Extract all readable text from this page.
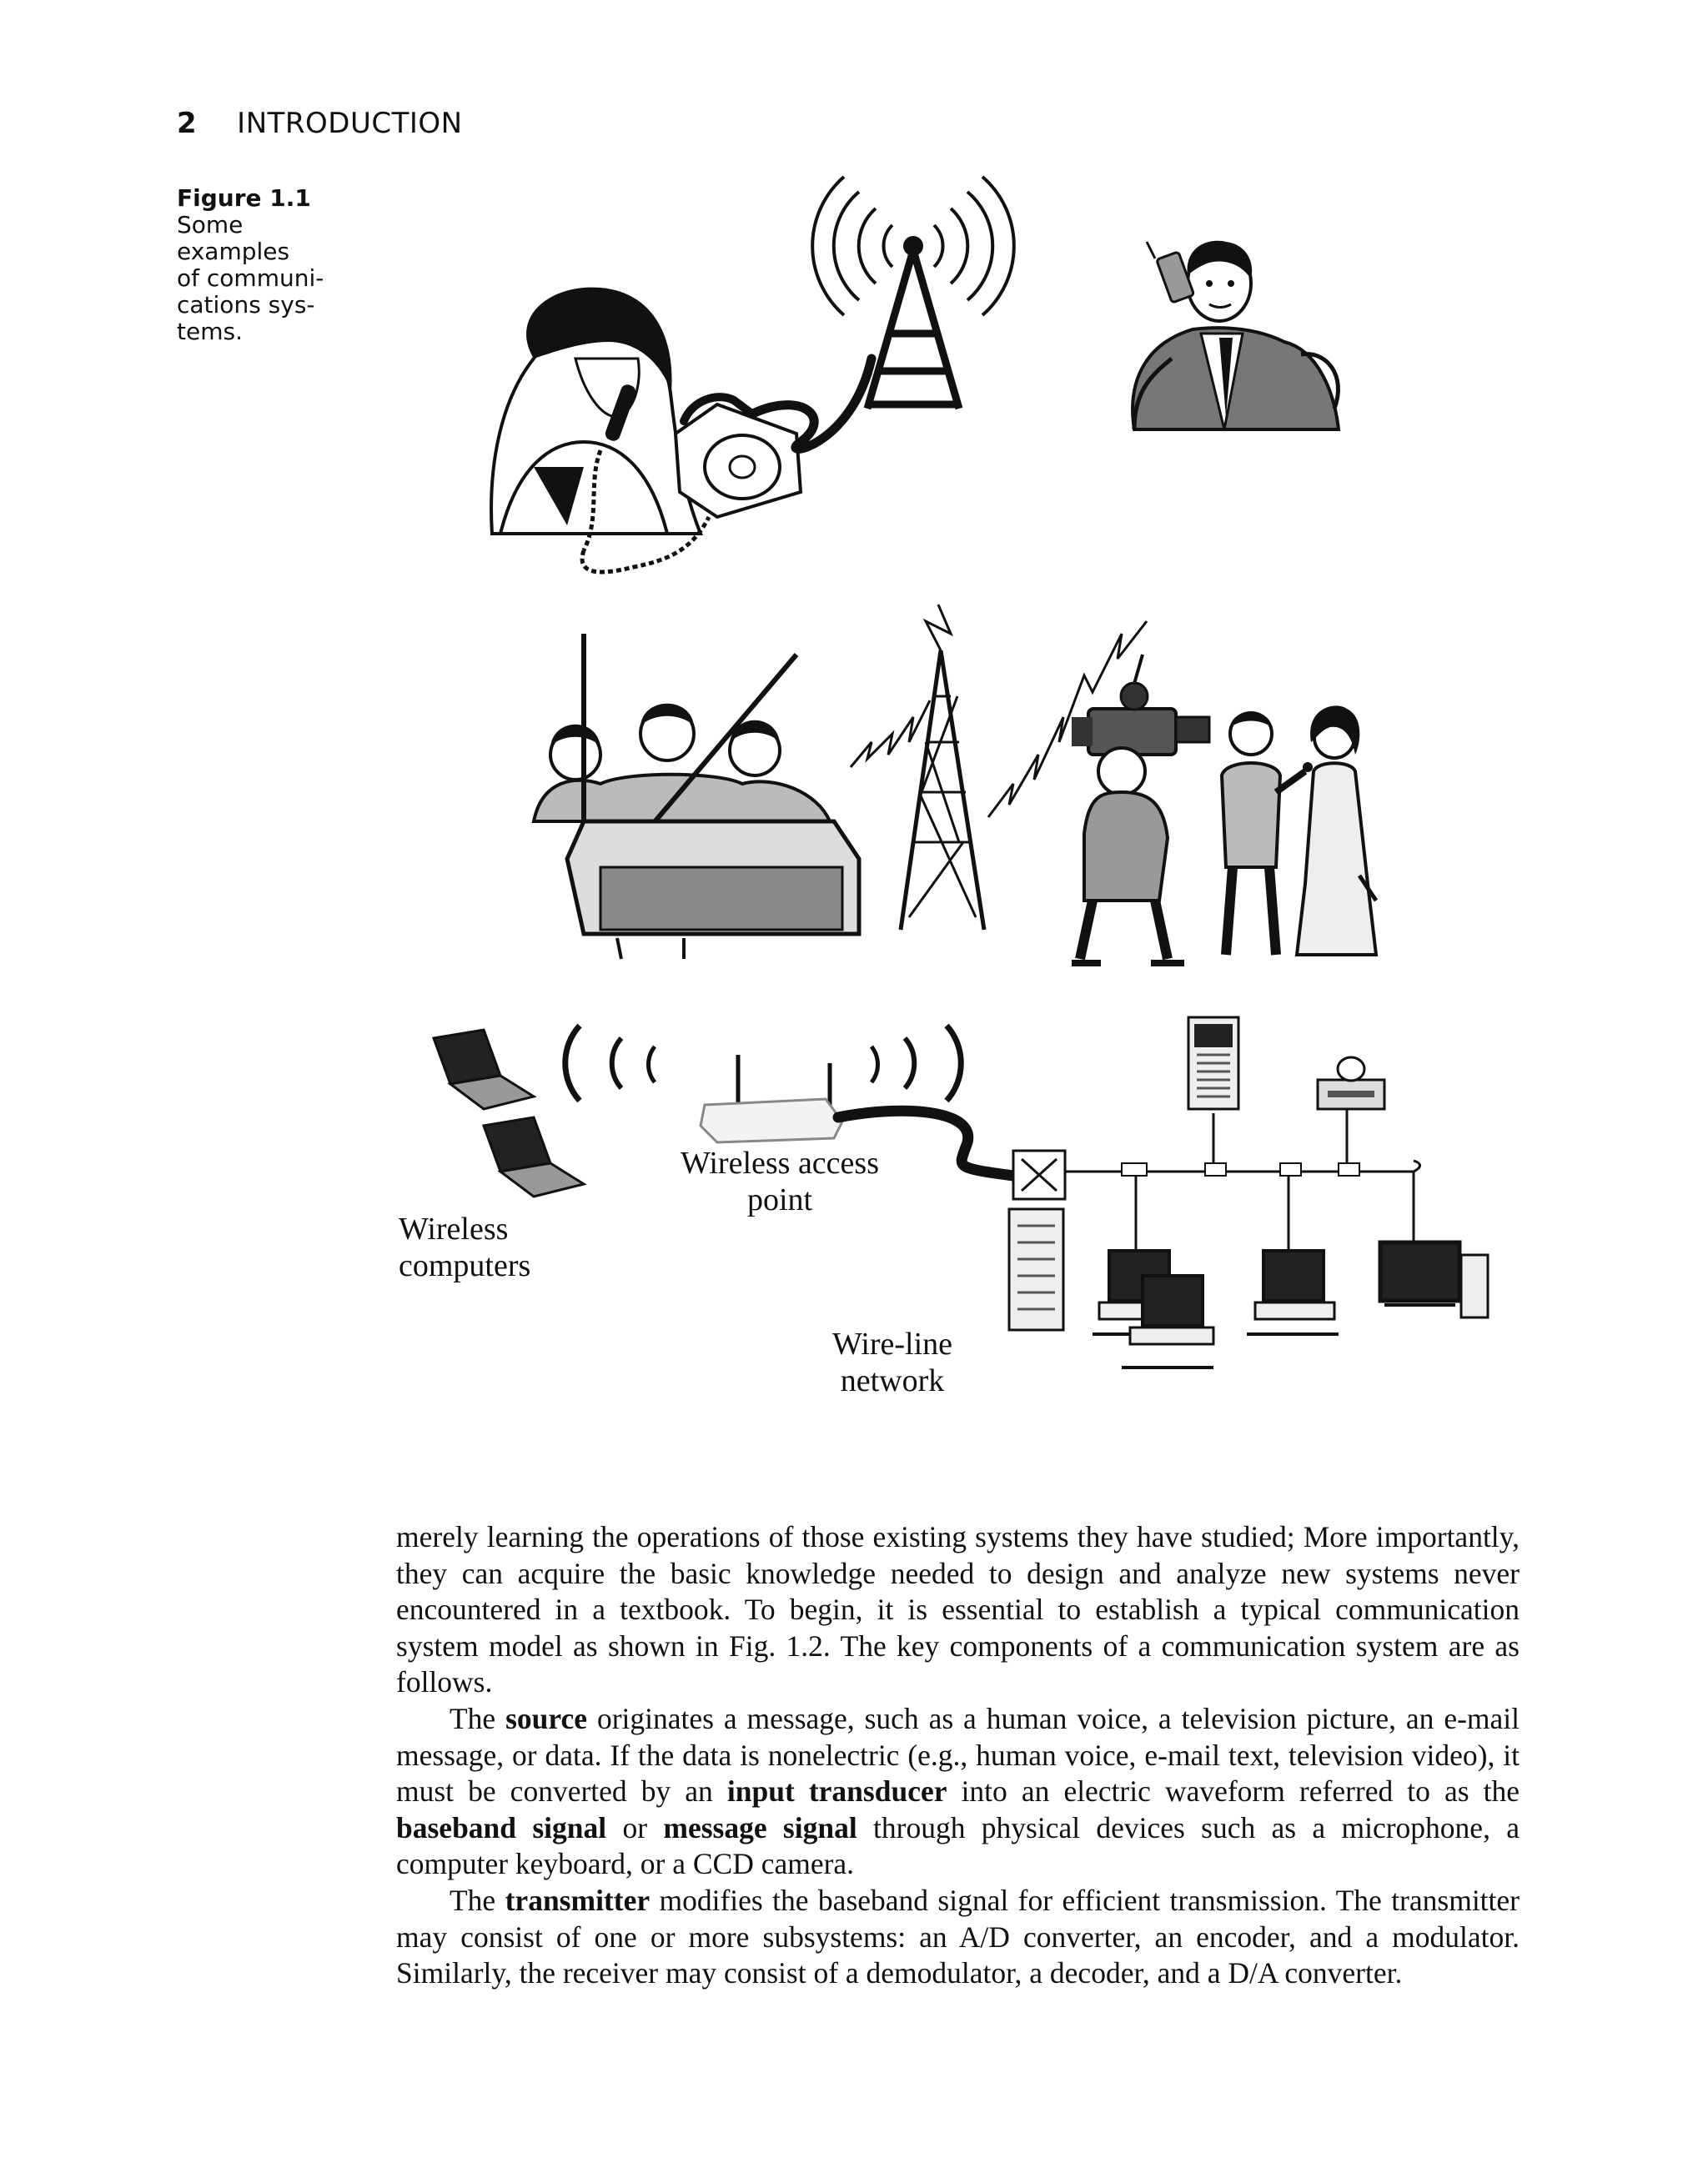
2 INTRODUCTION
Figure 1.1
Some examples
of communi-
cations sys-
tems.
Wireless access
point
Wireless
computers
Wire-line
network

merely learning the operations of those existing systems they have studied; More importantly, they can acquire the basic knowledge needed to design and analyze new systems never encountered in a textbook. To begin, it is essential to establish a typical communication system model as shown in Fig. 1.2. The key components of a communication system are as follows.

The source originates a message, such as a human voice, a television picture, an e-mail message, or data. If the data is nonelectric (e.g., human voice, e-mail text, television video), it must be converted by an input transducer into an electric waveform referred to as the baseband signal or message signal through physical devices such as a microphone, a computer keyboard, or a CCD camera.

The transmitter modifies the baseband signal for efficient transmission. The transmitter may consist of one or more subsystems: an A/D converter, an encoder, and a modulator. Similarly, the receiver may consist of a demodulator, a decoder, and a D/A converter.
